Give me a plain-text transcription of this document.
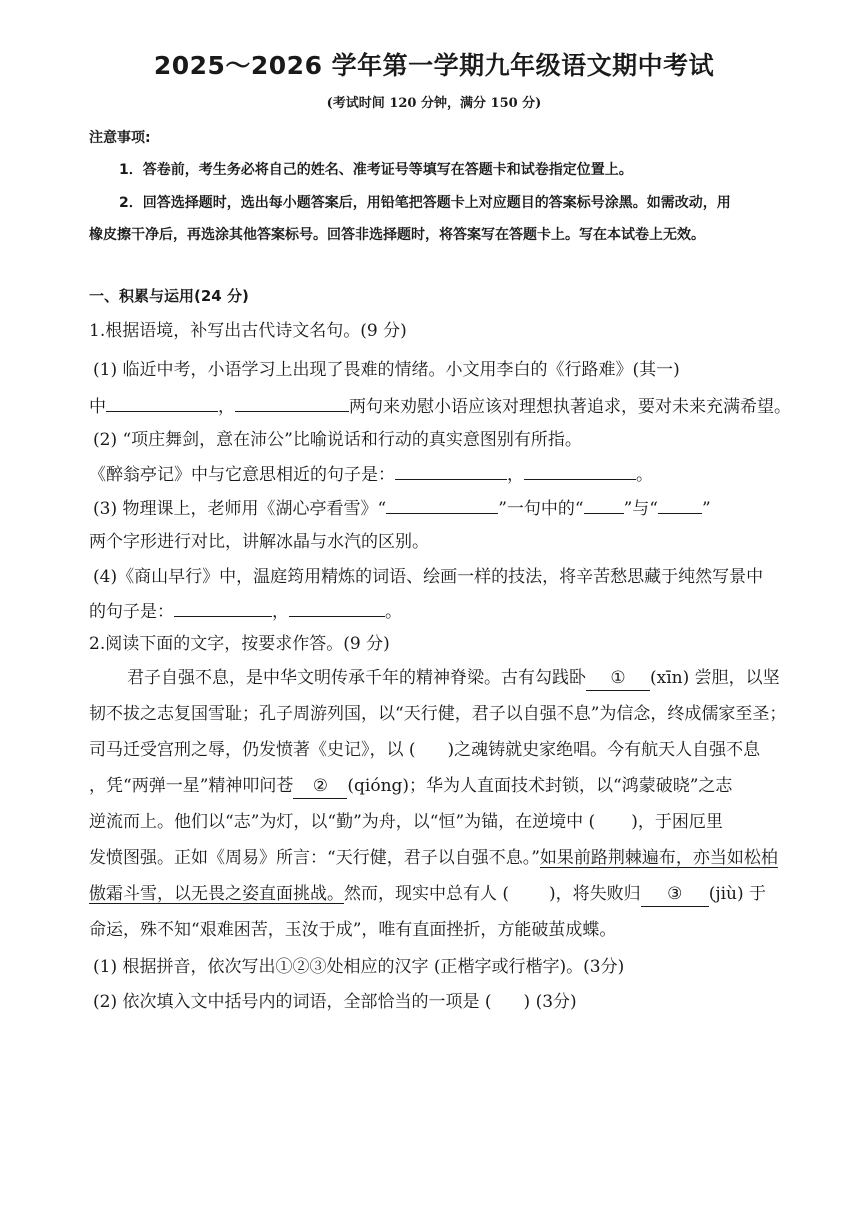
2025～2026 学年第一学期九年级语文期中考试
(考试时间 120 分钟，满分 150 分)
注意事项:
1．答卷前，考生务必将自己的姓名、准考证号等填写在答题卡和试卷指定位置上。
2．回答选择题时，选出每小题答案后，用铅笔把答题卡上对应题目的答案标号涂黑。如需改动，用
橡皮擦干净后，再选涂其他答案标号。回答非选择题时，将答案写在答题卡上。写在本试卷上无效。
一、积累与运用(24 分)
1.根据语境，补写出古代诗文名句。(9 分)
(1) 临近中考，小语学习上出现了畏难的情绪。小文用李白的《行路难》(其一)
中	，	两句来劝慰小语应该对理想执著追求，要对未来充满希望。
(2) “项庄舞剑，意在沛公”比喻说话和行动的真实意图别有所指。
《醉翁亭记》中与它意思相近的句子是：	，	。
(3) 物理课上，老师用《湖心亭看雪》“	”一句中的“ ”与“	”
两个字形进行对比，讲解冰晶与水汽的区别。
(4)《商山早行》中，温庭筠用精炼的词语、绘画一样的技法，将辛苦愁思藏于纯然写景中
的句子是：	，	。
2.阅读下面的文字，按要求作答。(9 分)
君子自强不息，是中华文明传承千年的精神脊梁。古有勾践卧 ① (xīn) 尝胆，以坚
韧不拔之志复国雪耻；孔子周游列国，以“天行健，君子以自强不息”为信念，终成儒家至圣；
司马迁受宫刑之辱，仍发愤著《史记》，以 ( )之魂铸就史家绝唱。今有航天人自强不息
，凭“两弹一星”精神叩问苍 ② (qióng)；华为人直面技术封锁，以“鸿蒙破晓”之志
逆流而上。他们以“志”为灯，以“勤”为舟，以“恒”为锚，在逆境中 ( )，于困厄里
发愤图强。正如《周易》所言：“天行健，君子以自强不息。”如果前路荆棘遍布，亦当如松柏
傲霜斗雪，以无畏之姿直面挑战。然而，现实中总有人 ( )，将失败归 ③ (jiù) 于
命运，殊不知“艰难困苦，玉汝于成”，唯有直面挫折，方能破茧成蝶。
(1) 根据拼音，依次写出①②③处相应的汉字 (正楷字或行楷字)。(3分)
(2) 依次填入文中括号内的词语，全部恰当的一项是 ( ) (3分)
